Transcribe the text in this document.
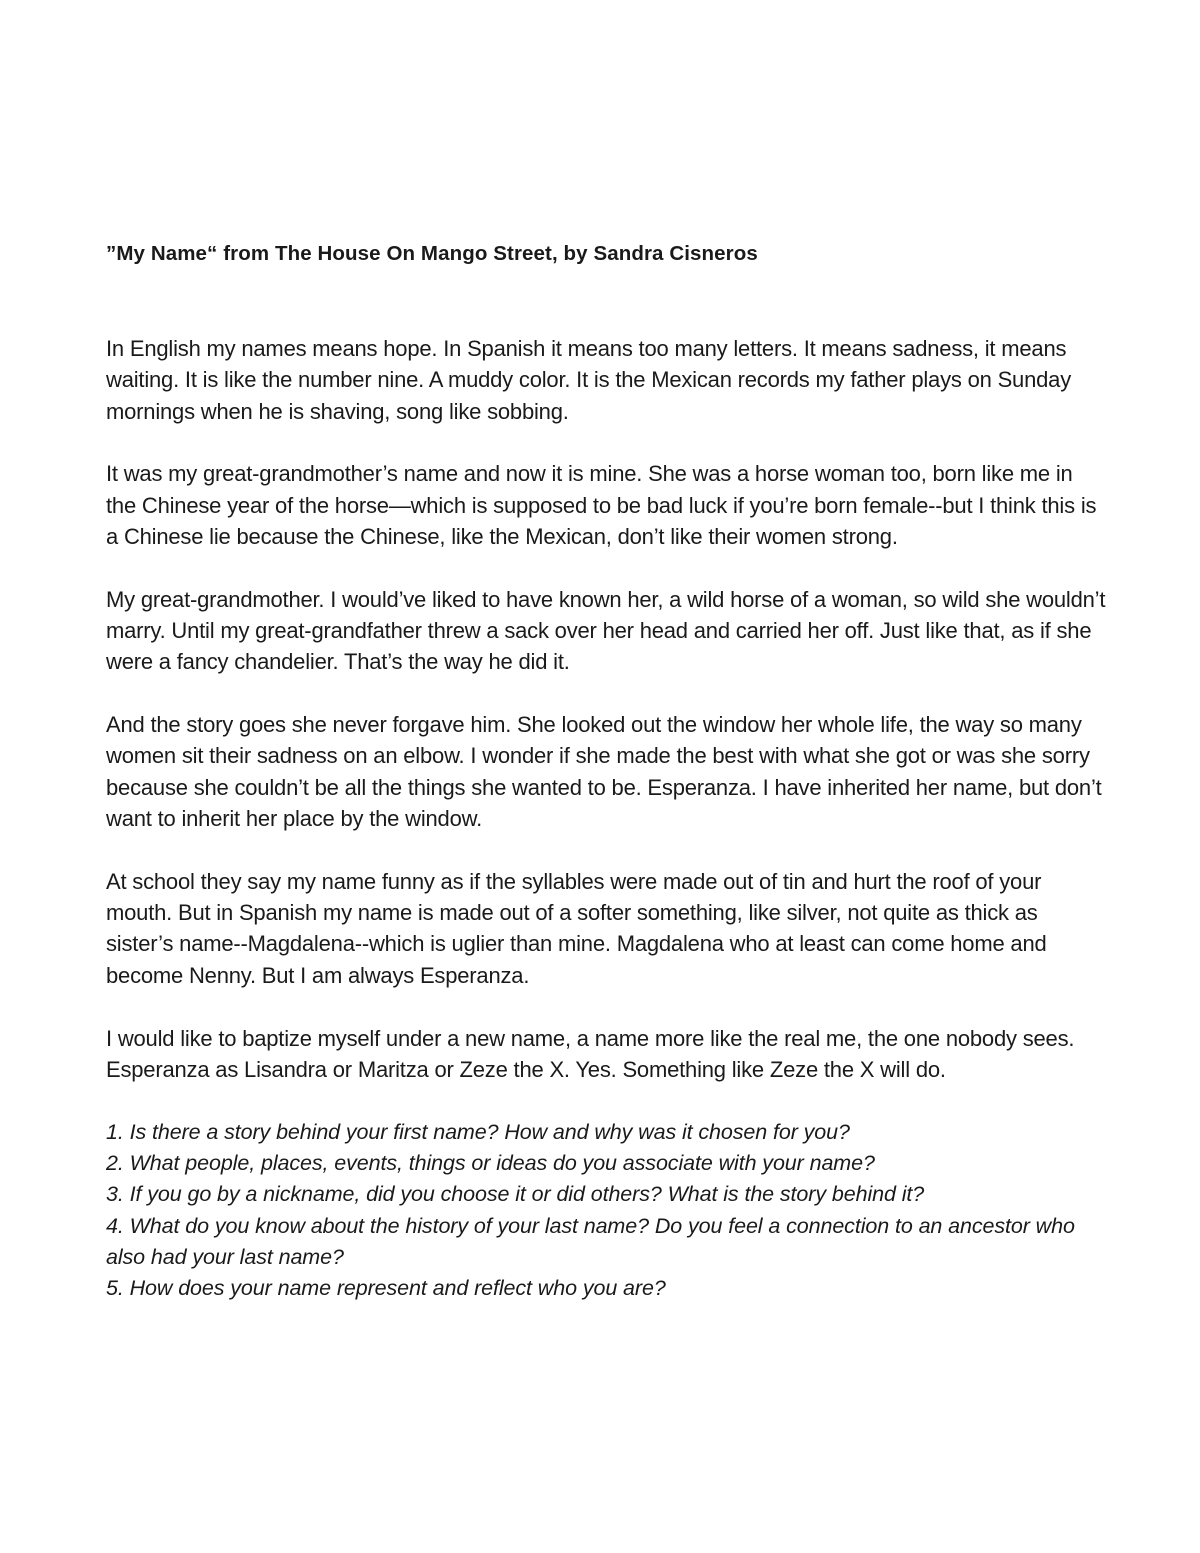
”My Name“ from The House On Mango Street, by Sandra Cisneros

In English my names means hope. In Spanish it means too many letters. It means sadness, it means waiting. It is like the number nine. A muddy color. It is the Mexican records my father plays on Sunday mornings when he is shaving, song like sobbing.

It was my great-grandmother’s name and now it is mine. She was a horse woman too, born like me in the Chinese year of the horse—which is supposed to be bad luck if you’re born female--but I think this is a Chinese lie because the Chinese, like the Mexican, don’t like their women strong.

My great-grandmother. I would’ve liked to have known her, a wild horse of a woman, so wild she wouldn’t marry. Until my great-grandfather threw a sack over her head and carried her off. Just like that, as if she were a fancy chandelier. That’s the way he did it.

And the story goes she never forgave him. She looked out the window her whole life, the way so many women sit their sadness on an elbow. I wonder if she made the best with what she got or was she sorry because she couldn’t be all the things she wanted to be. Esperanza. I have inherited her name, but don’t want to inherit her place by the window.

At school they say my name funny as if the syllables were made out of tin and hurt the roof of your mouth. But in Spanish my name is made out of a softer something, like silver, not quite as thick as sister’s name--Magdalena--which is uglier than mine. Magdalena who at least can come home and become Nenny. But I am always Esperanza.

I would like to baptize myself under a new name, a name more like the real me, the one nobody sees. Esperanza as Lisandra or Maritza or Zeze the X. Yes. Something like Zeze the X will do.

1. Is there a story behind your first name? How and why was it chosen for you?
2. What people, places, events, things or ideas do you associate with your name?
3. If you go by a nickname, did you choose it or did others? What is the story behind it?
4. What do you know about the history of your last name? Do you feel a connection to an ancestor who also had your last name?
5. How does your name represent and reflect who you are?
